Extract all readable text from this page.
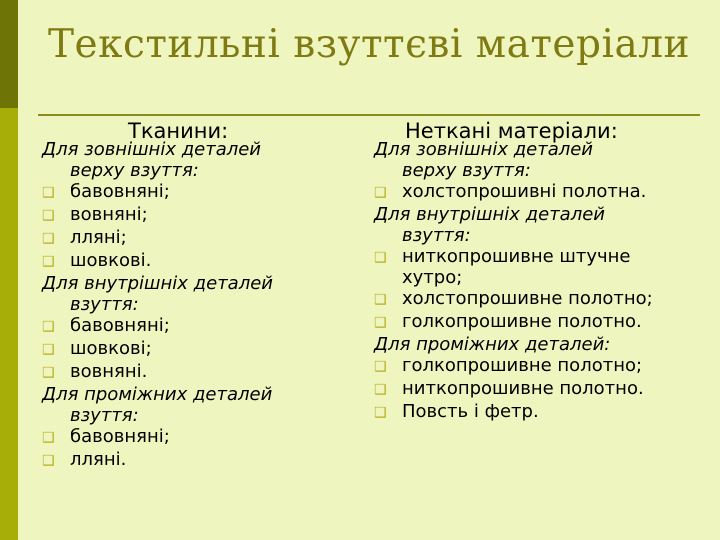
Текстильні взуттєві матеріали
Тканини:	Неткані матеріали:
Для зовнішніх деталей
верху взуття:
❑ бавовняні;
❑ вовняні;
❑ лляні;
❑ шовкові.
Для внутрішніх деталей
взуття:
❑ бавовняні;
❑ шовкові;
❑ вовняні.
Для проміжних деталей
взуття:
❑ бавовняні;
❑ лляні.
Для зовнішніх деталей
верху взуття:
❑ холстопрошивні полотна.
Для внутрішніх деталей
взуття:
❑ ниткопрошивне штучне
хутро;
❑ холстопрошивне полотно;
❑ голкопрошивне полотно.
Для проміжних деталей:
❑ голкопрошивне полотно;
❑ ниткопрошивне полотно.
❑ Повсть і фетр.
